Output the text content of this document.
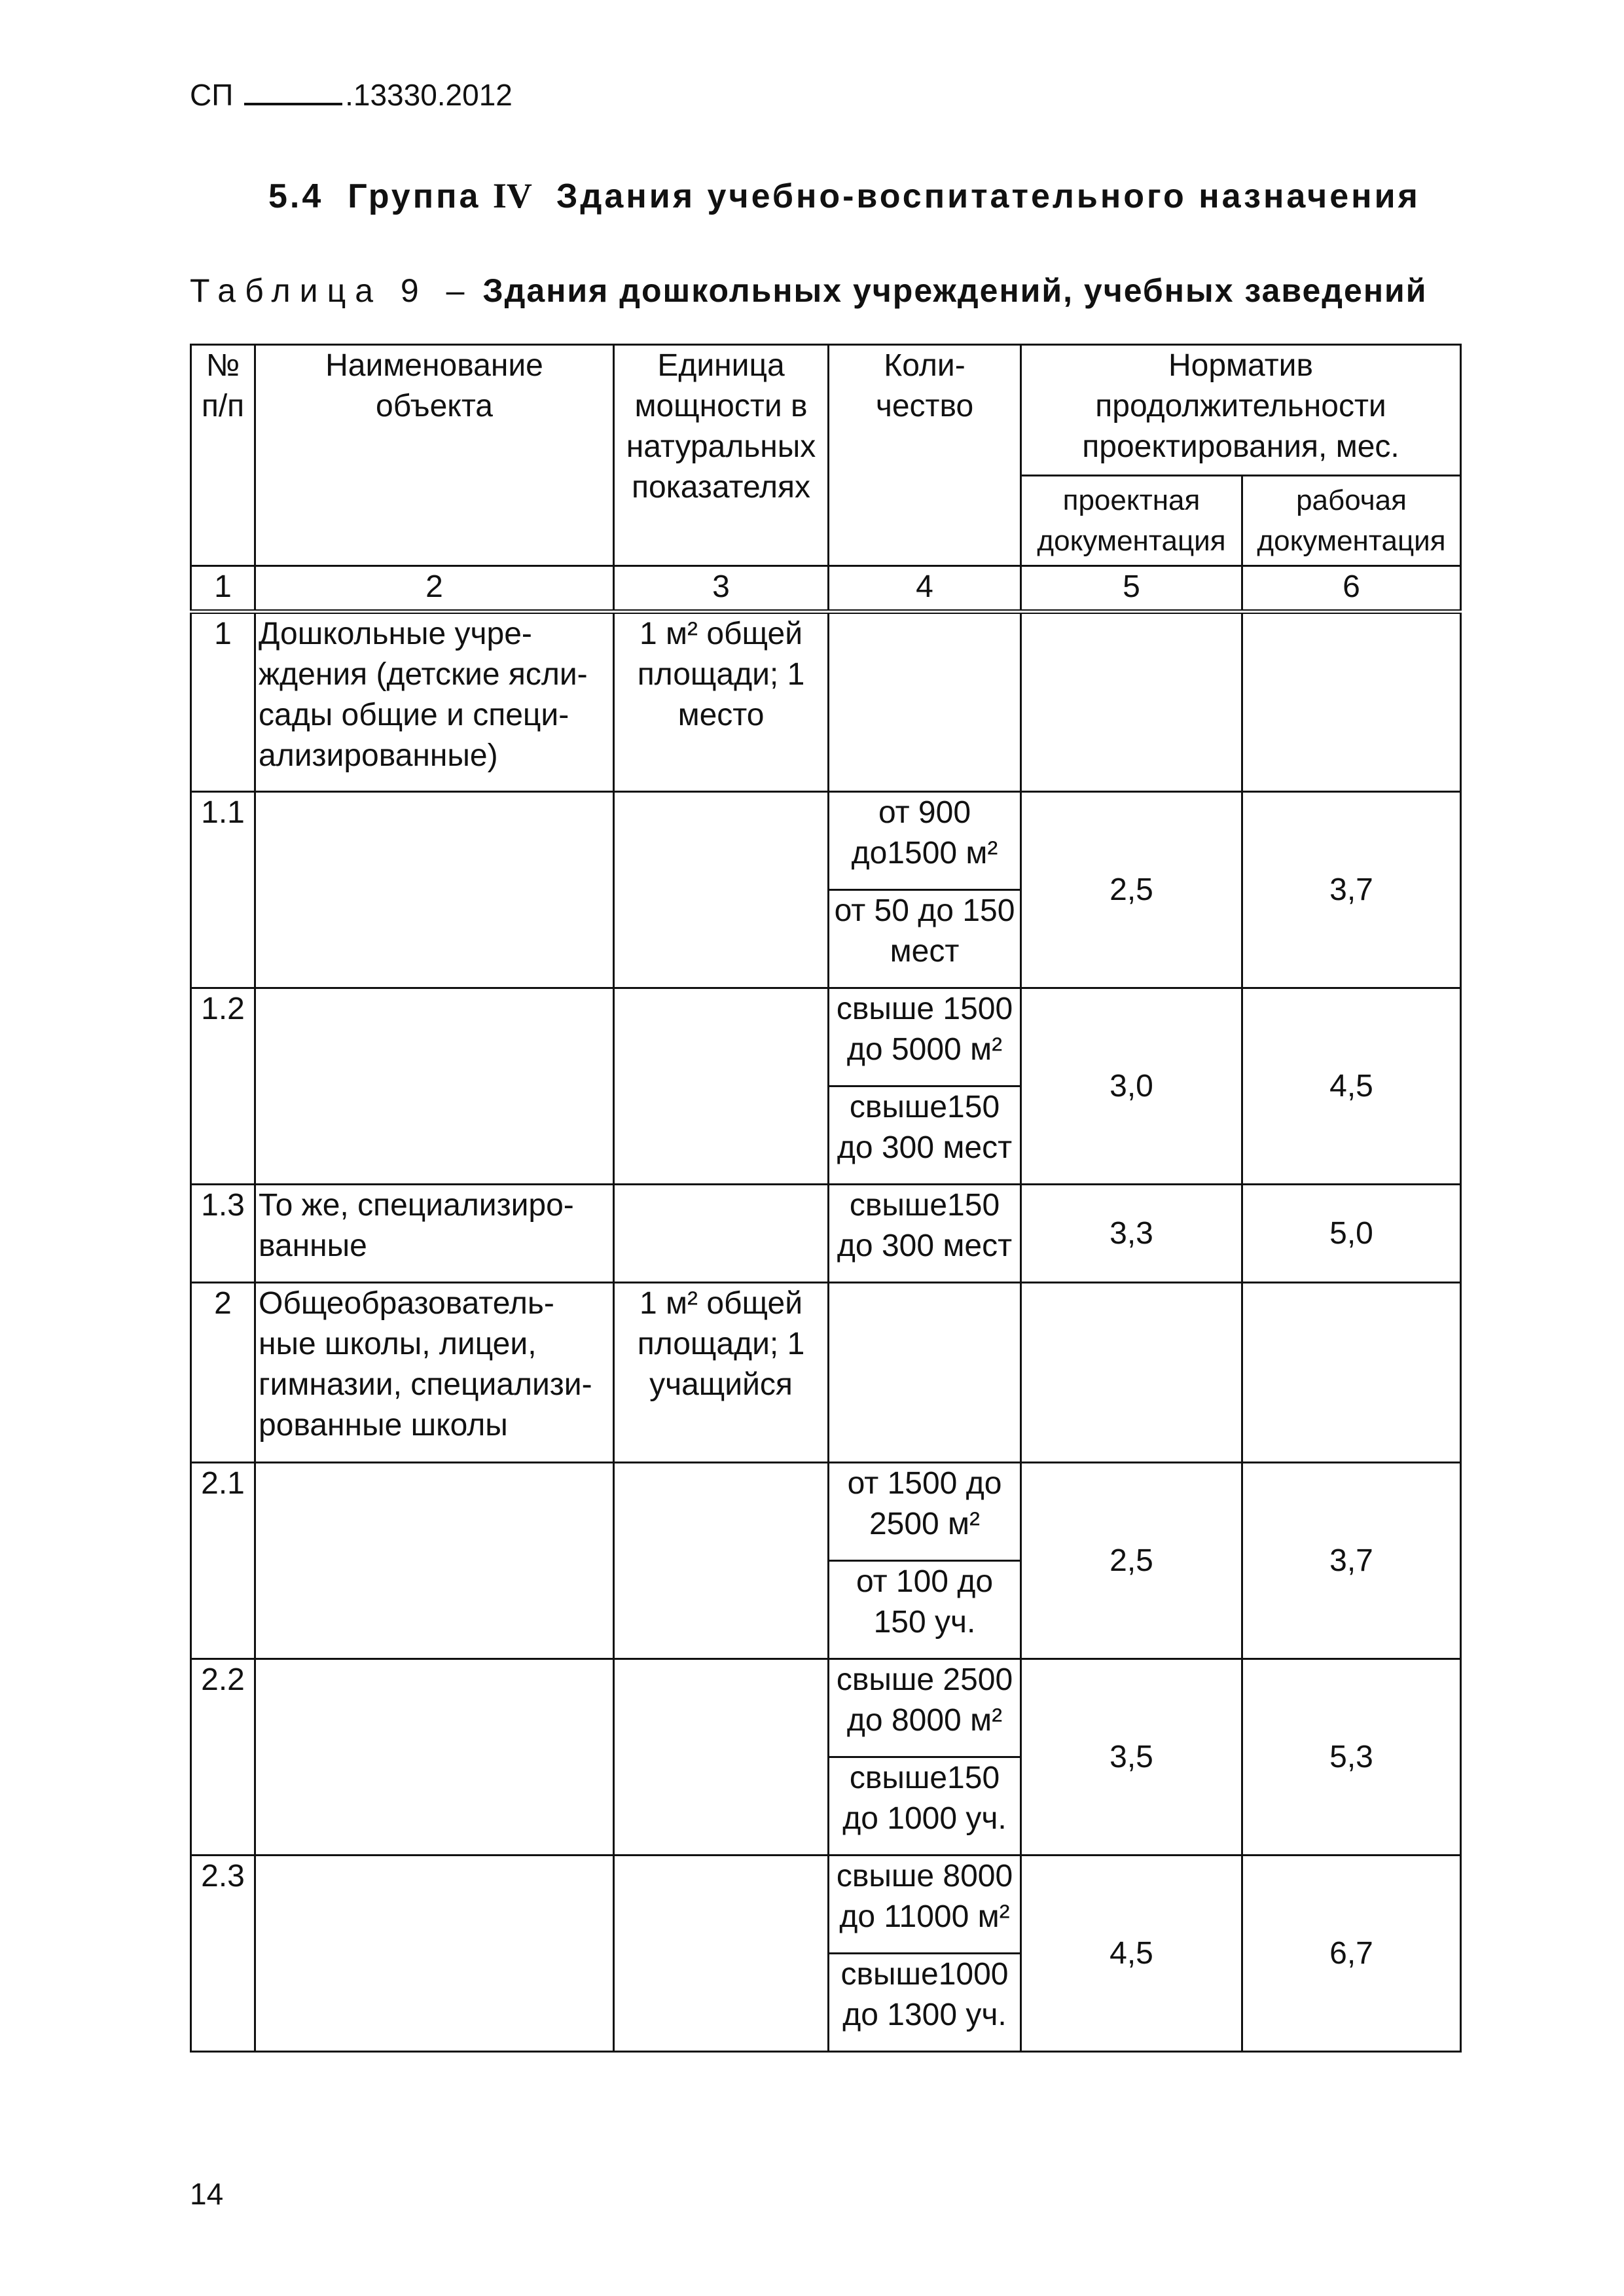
СП	.13330.2012
5.4 Группа IV Здания учебно-воспитательного назначения
Таблица 9 – Здания дошкольных учреждений, учебных заведений
№ п/п	Наименование объекта	Единица мощности в натуральных показателях	Коли-чество	Норматив продолжительности проектирования, мес.	
				проектная документация	рабочая документация
1	2	3	4	5	6
1	Дошкольные учре-ждения (детские ясли-сады общие и специ-ализированные)	1 м² общей площади; 1 место			
1.1			от 900 до1500 м²	2,5	3,7
			от 50 до 150 мест		
1.2			свыше 1500 до 5000 м²	3,0	4,5
			свыше150 до 300 мест		
1.3	То же, специализиро-ванные		свыше150 до 300 мест	3,3	5,0
2	Общеобразователь-ные школы, лицеи, гимназии, специализи-рованные школы	1 м² общей площади; 1 учащийся			
2.1			от 1500 до 2500 м²	2,5	3,7
			от 100 до 150 уч.		
2.2			свыше 2500 до 8000 м²	3,5	5,3
			свыше150 до 1000 уч.		
2.3			свыше 8000 до 11000 м²	4,5	6,7
			свыше1000 до 1300 уч.		
14
